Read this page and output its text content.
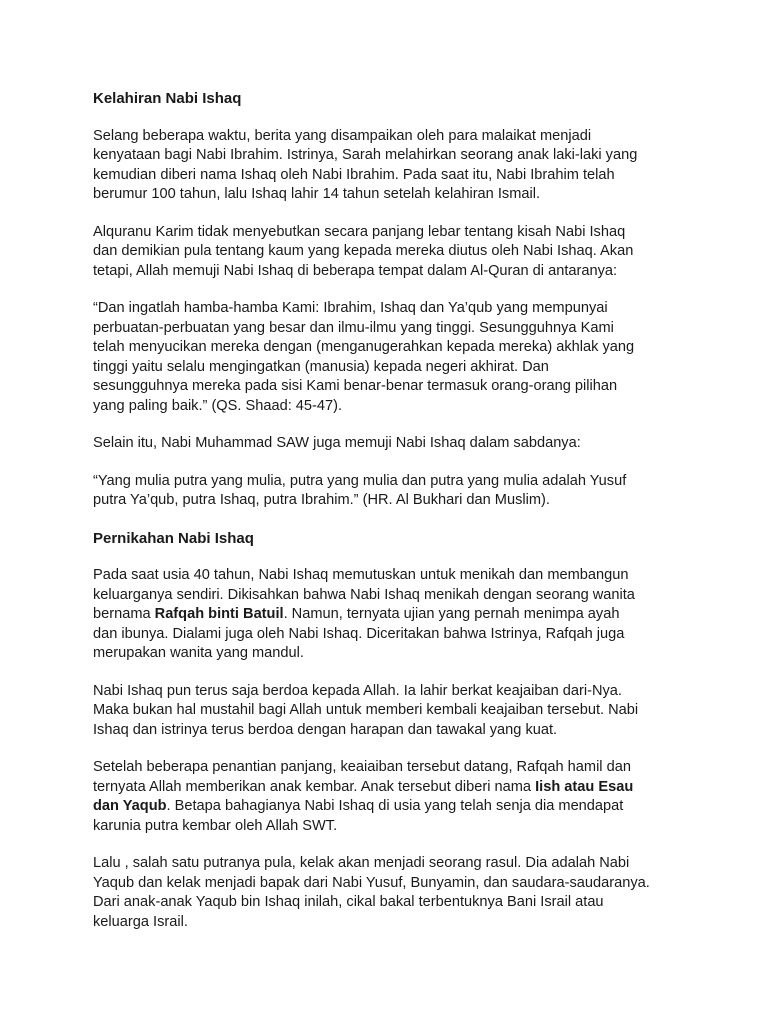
Kelahiran Nabi Ishaq
Selang beberapa waktu, berita yang disampaikan oleh para malaikat menjadi
kenyataan bagi Nabi Ibrahim. Istrinya, Sarah melahirkan seorang anak laki-laki yang
kemudian diberi nama Ishaq oleh Nabi Ibrahim. Pada saat itu, Nabi Ibrahim telah
berumur 100 tahun, lalu Ishaq lahir 14 tahun setelah kelahiran Ismail.
Alquranu Karim tidak menyebutkan secara panjang lebar tentang kisah Nabi Ishaq
dan demikian pula tentang kaum yang kepada mereka diutus oleh Nabi Ishaq. Akan
tetapi, Allah memuji Nabi Ishaq di beberapa tempat dalam Al-Quran di antaranya:
“Dan ingatlah hamba-hamba Kami: Ibrahim, Ishaq dan Ya’qub yang mempunyai
perbuatan-perbuatan yang besar dan ilmu-ilmu yang tinggi. Sesungguhnya Kami
telah menyucikan mereka dengan (menganugerahkan kepada mereka) akhlak yang
tinggi yaitu selalu mengingatkan (manusia) kepada negeri akhirat. Dan
sesungguhnya mereka pada sisi Kami benar-benar termasuk orang-orang pilihan
yang paling baik.” (QS. Shaad: 45-47).
Selain itu, Nabi Muhammad SAW juga memuji Nabi Ishaq dalam sabdanya:
“Yang mulia putra yang mulia, putra yang mulia dan putra yang mulia adalah Yusuf
putra Ya’qub, putra Ishaq, putra Ibrahim.” (HR. Al Bukhari dan Muslim).
Pernikahan Nabi Ishaq
Pada saat usia 40 tahun, Nabi Ishaq memutuskan untuk menikah dan membangun
keluarganya sendiri. Dikisahkan bahwa Nabi Ishaq menikah dengan seorang wanita
bernama Rafqah binti Batuil. Namun, ternyata ujian yang pernah menimpa ayah
dan ibunya. Dialami juga oleh Nabi Ishaq. Diceritakan bahwa Istrinya, Rafqah juga
merupakan wanita yang mandul.
Nabi Ishaq pun terus saja berdoa kepada Allah. Ia lahir berkat keajaiban dari-Nya.
Maka bukan hal mustahil bagi Allah untuk memberi kembali keajaiban tersebut. Nabi
Ishaq dan istrinya terus berdoa dengan harapan dan tawakal yang kuat.
Setelah beberapa penantian panjang, keaiaiban tersebut datang, Rafqah hamil dan
ternyata Allah memberikan anak kembar. Anak tersebut diberi nama Iish atau Esau
dan Yaqub. Betapa bahagianya Nabi Ishaq di usia yang telah senja dia mendapat
karunia putra kembar oleh Allah SWT.
Lalu , salah satu putranya pula, kelak akan menjadi seorang rasul. Dia adalah Nabi
Yaqub dan kelak menjadi bapak dari Nabi Yusuf, Bunyamin, dan saudara-saudaranya.
Dari anak-anak Yaqub bin Ishaq inilah, cikal bakal terbentuknya Bani Israil atau
keluarga Israil.
